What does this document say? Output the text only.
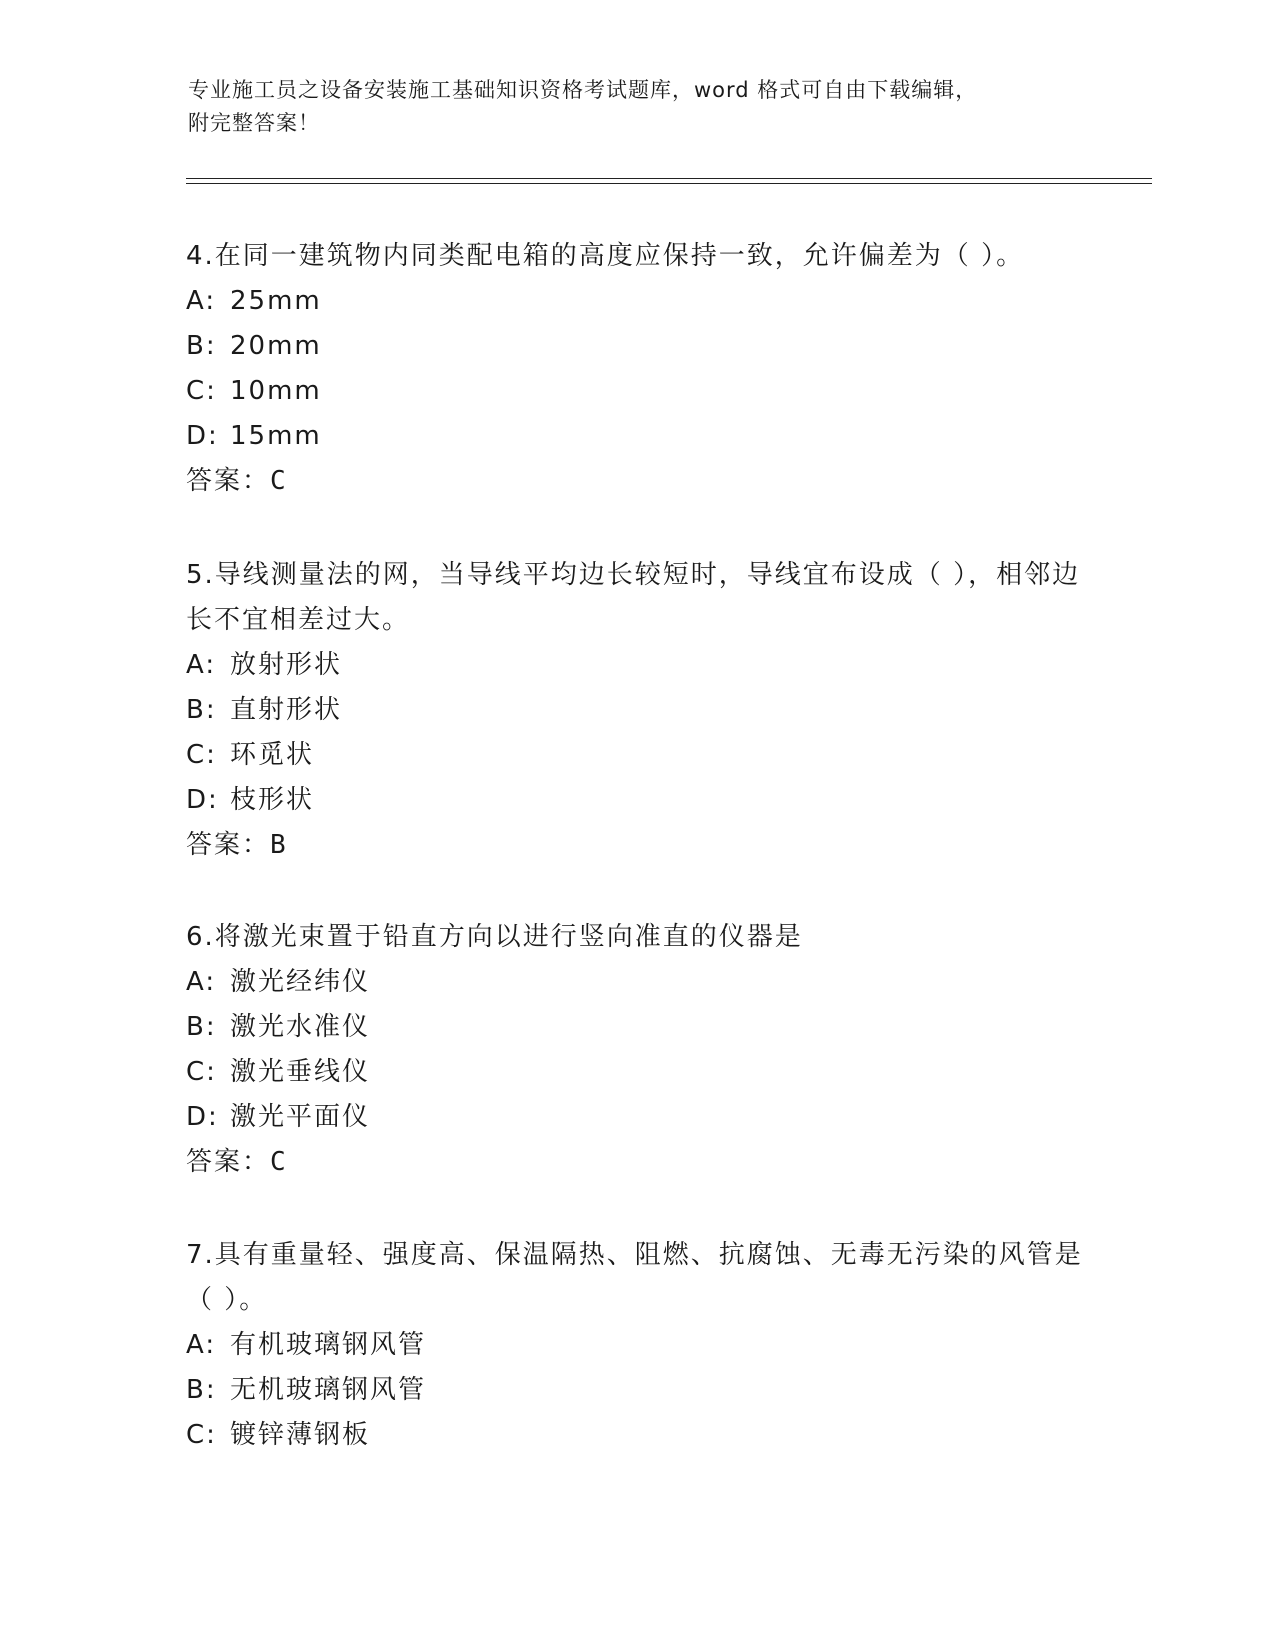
专业施工员之设备安装施工基础知识资格考试题库，word 格式可自由下载编辑，
附完整答案！
4.在同一建筑物内同类配电箱的高度应保持一致，允许偏差为（ ）。
A: 25mm
B: 20mm
C: 10mm
D: 15mm
答案：C
5.导线测量法的网，当导线平均边长较短时，导线宜布设成（ ），相邻边长不宜相差过大。
A: 放射形状
B: 直射形状
C: 环觅状
D: 枝形状
答案：B
6.将激光束置于铅直方向以进行竖向准直的仪器是
A: 激光经纬仪
B: 激光水准仪
C: 激光垂线仪
D: 激光平面仪
答案：C
7.具有重量轻、强度高、保温隔热、阻燃、抗腐蚀、无毒无污染的风管是（ ）。
A: 有机玻璃钢风管
B: 无机玻璃钢风管
C: 镀锌薄钢板
